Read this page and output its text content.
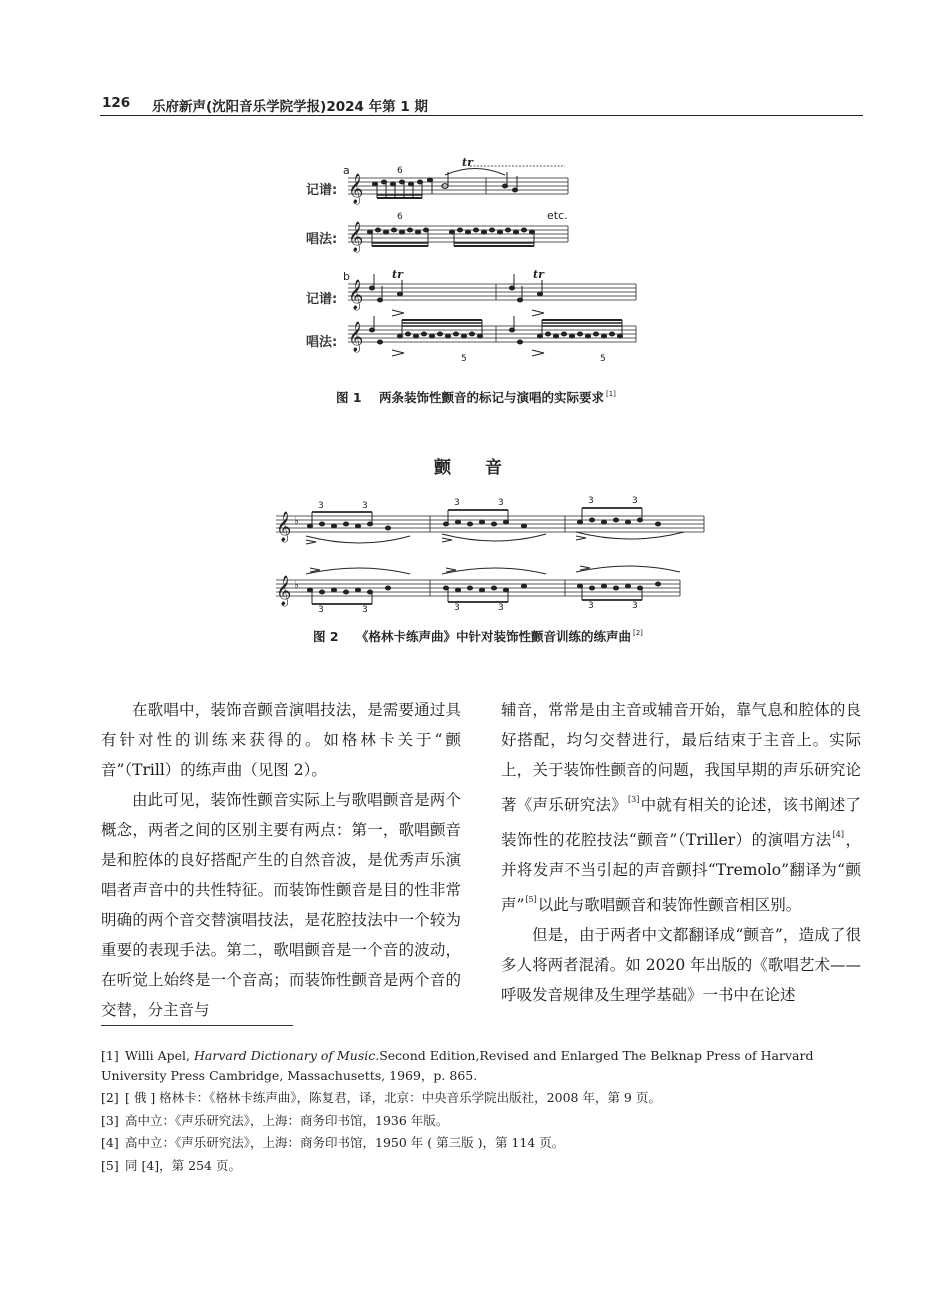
126 乐府新声(沈阳音乐学院学报)2024 年第 1 期
a
b
记谱:
唱法:
记谱:
唱法:
6
6
tr
etc.
tr	tr
5	5
𝄞
𝄞
𝄞
𝄞
图 1 两条装饰性颤音的标记与演唱的实际要求 [1]
颤 音
𝄞
𝄞
♭
♭
3	3	3	3	3	3
3	3	3	3	3	3
图 2 《格林卡练声曲》中针对装饰性颤音训练的练声曲 [2]

在歌唱中，装饰音颤音演唱技法，是需要通过具有针对性的训练来获得的。如格林卡关于“颤音”（Trill）的练声曲（见图 2）。

由此可见，装饰性颤音实际上与歌唱颤音是两个概念，两者之间的区别主要有两点：第一，歌唱颤音是和腔体的良好搭配产生的自然音波，是优秀声乐演唱者声音中的共性特征。而装饰性颤音是目的性非常明确的两个音交替演唱技法，是花腔技法中一个较为重要的表现手法。第二，歌唱颤音是一个音的波动，在听觉上始终是一个音高；而装饰性颤音是两个音的交替，分主音与

辅音，常常是由主音或辅音开始，靠气息和腔体的良好搭配，均匀交替进行，最后结束于主音上。实际上，关于装饰性颤音的问题，我国早期的声乐研究论著《声乐研究法》[3]中就有相关的论述，该书阐述了装饰性的花腔技法“颤音”（Triller）的演唱方法[4]，并将发声不当引起的声音颤抖“Tremolo”翻译为“颤声”[5]以此与歌唱颤音和装饰性颤音相区别。

但是，由于两者中文都翻译成“颤音”，造成了很多人将两者混淆。如 2020 年出版的《歌唱艺术——呼吸发音规律及生理学基础》一书中在论述

[1] Willi Apel, Harvard Dictionary of Music.Second Edition,Revised and Enlarged The Belknap Press of Harvard University Press Cambridge, Massachusetts, 1969，p. 865.
[2] [ 俄 ] 格林卡：《格林卡练声曲》，陈复君，译，北京：中央音乐学院出版社，2008 年，第 9 页。
[3] 高中立：《声乐研究法》，上海：商务印书馆，1936 年版。
[4] 高中立：《声乐研究法》，上海：商务印书馆，1950 年 ( 第三版 )，第 114 页。
[5] 同 [4]，第 254 页。
